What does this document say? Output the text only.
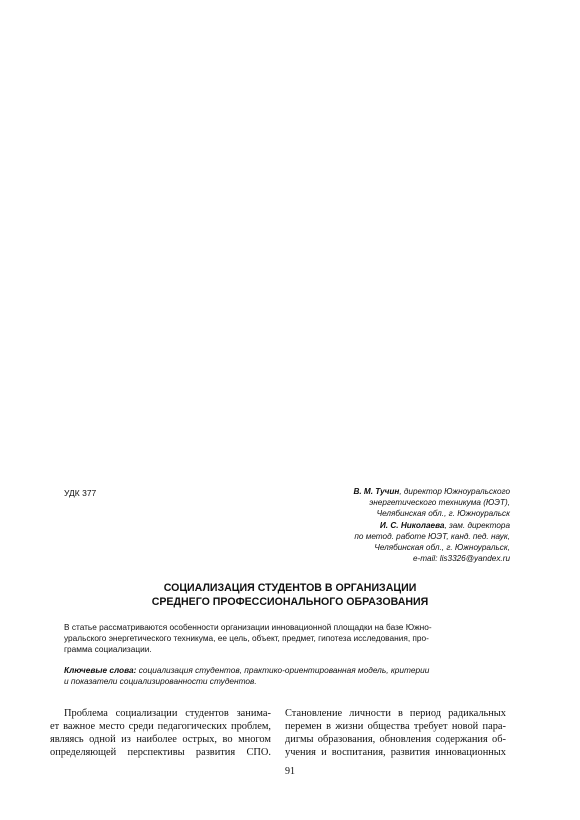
УДК 377	В. М. Тучин, директор Южноуральского
энергетического техникума (ЮЭТ),
Челябинская обл., г. Южноуральск
И. С. Николаева, зам. директора
по метод. работе ЮЭТ, канд. пед. наук,
Челябинская обл., г. Южноуральск,
e-mail: lis3326@yandex.ru
СОЦИАЛИЗАЦИЯ СТУДЕНТОВ В ОРГАНИЗАЦИИ
СРЕДНЕГО ПРОФЕССИОНАЛЬНОГО ОБРАЗОВАНИЯ
В статье рассматриваются особенности организации инновационной площадки на базе Южно-
уральского энергетического техникума, ее цель, объект, предмет, гипотеза исследования, про-
грамма социализации.
Ключевые слова: социализация студентов, практико-ориентированная модель, критерии
и показатели социализированности студентов.
Проблема социализации студентов занима-
ет важное место среди педагогических проблем,
являясь одной из наиболее острых, во многом
определяющей перспективы развития СПО.
Становление личности в период радикальных
перемен в жизни общества требует новой пара-
дигмы образования, обновления содержания об-
учения и воспитания, развития инновационных
91
